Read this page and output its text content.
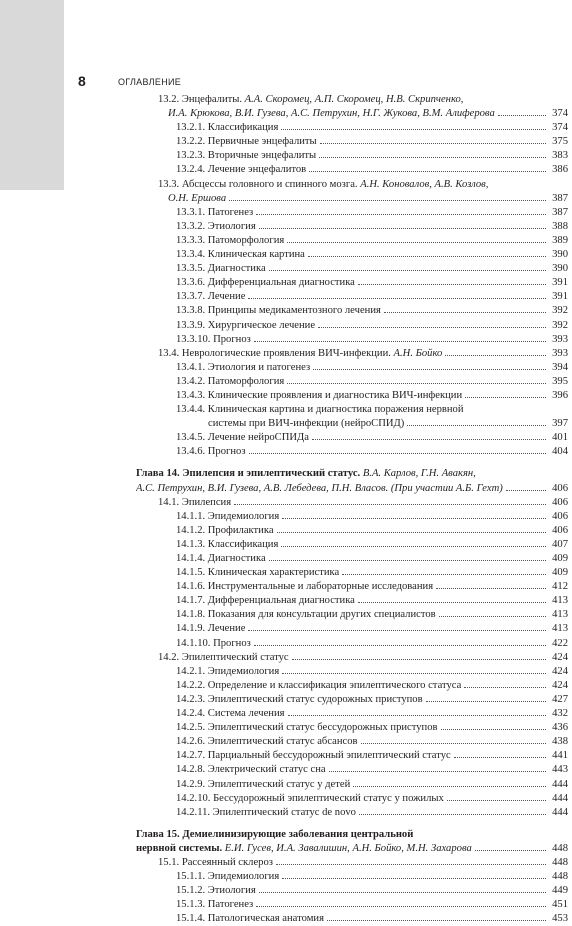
8	ОГЛАВЛЕНИЕ
13.2. Энцефалиты. А.А. Скоромец, А.П. Скоромец, Н.В. Скрипченко,
И.А. Крюкова, В.И. Гузева, А.С. Петрухин, Н.Г. Жукова, В.М. Алиферова	374
13.2.1. Классификация	374
13.2.2. Первичные энцефалиты	375
13.2.3. Вторичные энцефалиты	383
13.2.4. Лечение энцефалитов	386
13.3. Абсцессы головного и спинного мозга. А.Н. Коновалов, А.В. Козлов,
О.Н. Ершова	387
13.3.1. Патогенез	387
13.3.2. Этиология	388
13.3.3. Патоморфология	389
13.3.4. Клиническая картина	390
13.3.5. Диагностика	390
13.3.6. Дифференциальная диагностика	391
13.3.7. Лечение	391
13.3.8. Принципы медикаментозного лечения	392
13.3.9. Хирургическое лечение	392
13.3.10. Прогноз	393
13.4. Неврологические проявления ВИЧ-инфекции. А.Н. Бойко	393
13.4.1. Этиология и патогенез	394
13.4.2. Патоморфология	395
13.4.3. Клинические проявления и диагностика ВИЧ-инфекции	396
13.4.4. Клиническая картина и диагностика поражения нервной
системы при ВИЧ-инфекции (нейроСПИД)	397
13.4.5. Лечение нейроСПИДа	401
13.4.6. Прогноз	404
Глава 14. Эпилепсия и эпилептический статус. В.А. Карлов, Г.Н. Авакян,
А.С. Петрухин, В.И. Гузева, А.В. Лебедева, П.Н. Власов. (При участии А.Б. Гехт)	406
14.1. Эпилепсия	406
14.1.1. Эпидемиология	406
14.1.2. Профилактика	406
14.1.3. Классификация	407
14.1.4. Диагностика	409
14.1.5. Клиническая характеристика	409
14.1.6. Инструментальные и лабораторные исследования	412
14.1.7. Дифференциальная диагностика	413
14.1.8. Показания для консультации других специалистов	413
14.1.9. Лечение	413
14.1.10. Прогноз	422
14.2. Эпилептический статус	424
14.2.1. Эпидемиология	424
14.2.2. Определение и классификация эпилептического статуса	424
14.2.3. Эпилептический статус судорожных приступов	427
14.2.4. Система лечения	432
14.2.5. Эпилептический статус бессудорожных приступов	436
14.2.6. Эпилептический статус абсансов	438
14.2.7. Парциальный бессудорожный эпилептический статус	441
14.2.8. Электрический статус сна	443
14.2.9. Эпилептический статус у детей	444
14.2.10. Бессудорожный эпилептический статус у пожилых	444
14.2.11. Эпилептический статус de novo	444
Глава 15. Демиелинизирующие заболевания центральной
нервной системы. Е.И. Гусев, И.А. Завалишин, А.Н. Бойко, М.Н. Захарова	448
15.1. Рассеянный склероз	448
15.1.1. Эпидемиология	448
15.1.2. Этиология	449
15.1.3. Патогенез	451
15.1.4. Патологическая анатомия	453
